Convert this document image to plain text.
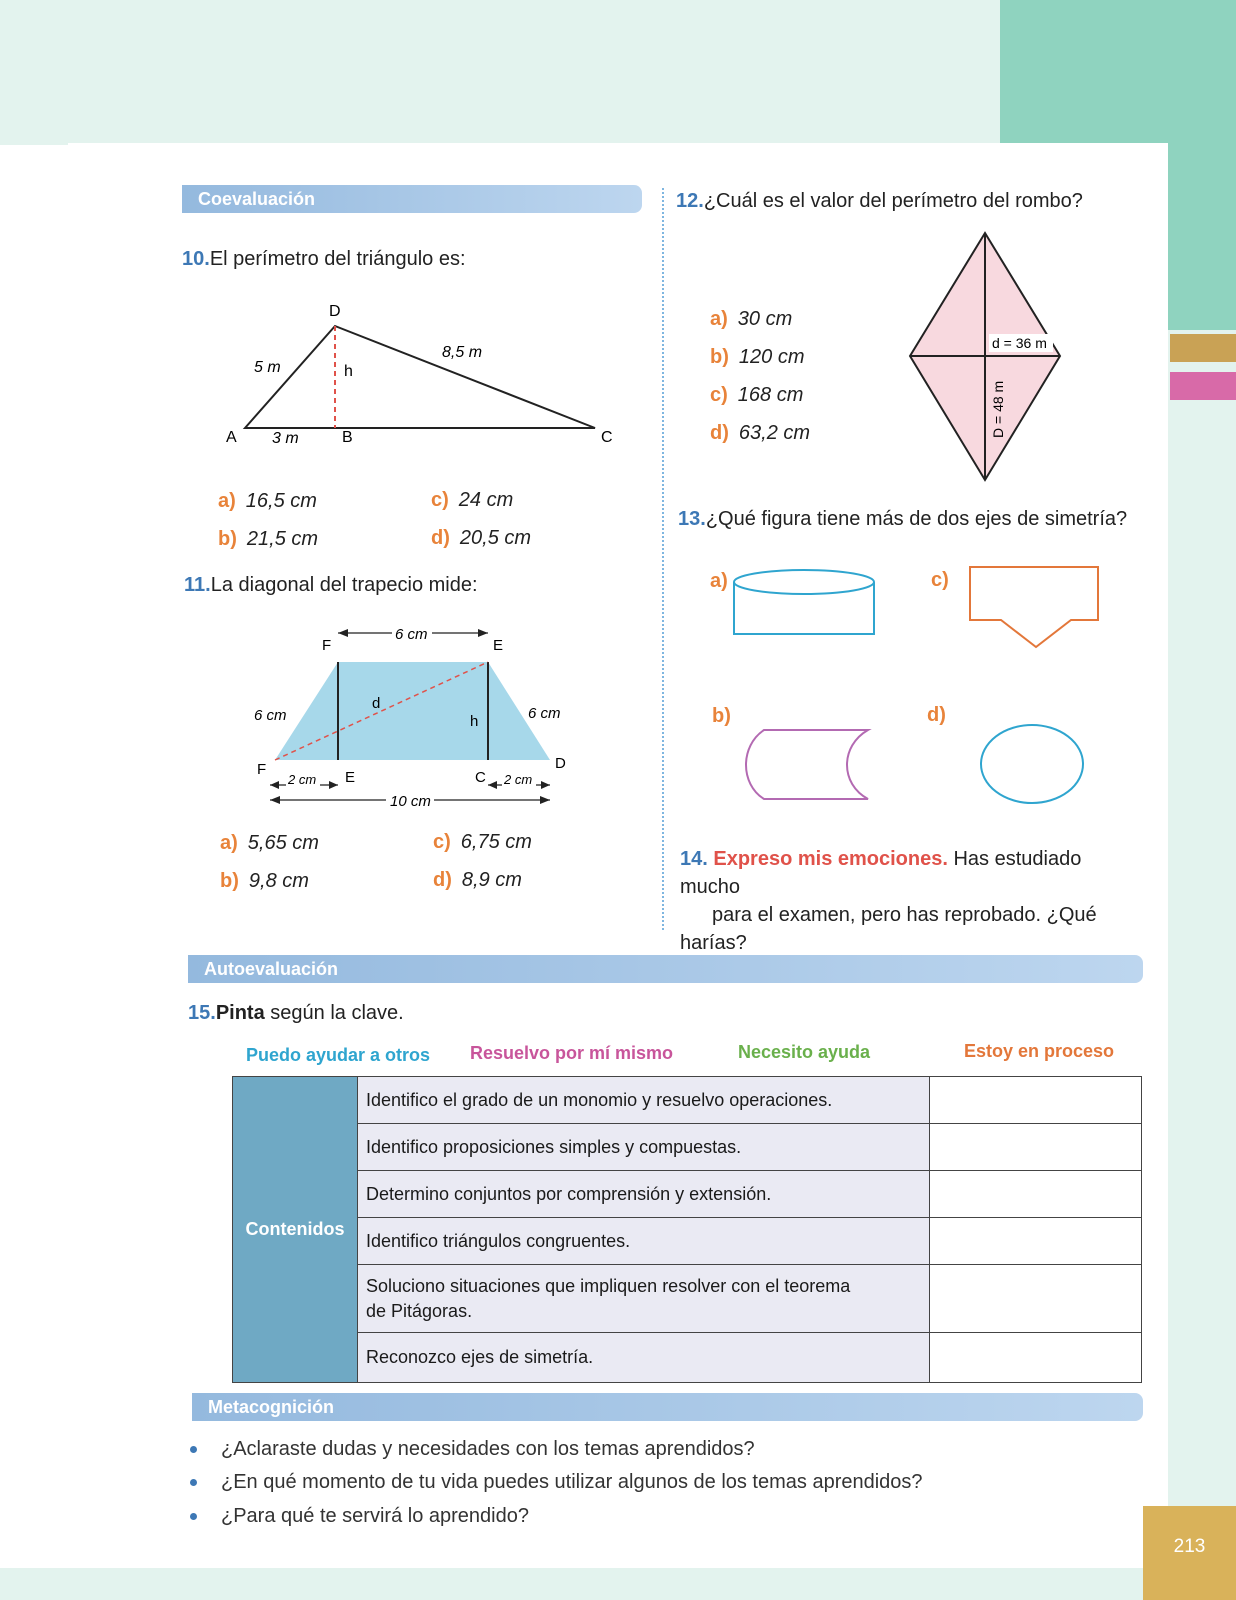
213
Coevaluación
10.El perímetro del triángulo es:
D
A	B	C
5 m
8,5 m
h
3 m
a) 16,5 cm
b) 21,5 cm
c) 24 cm
d) 20,5 cm
11.La diagonal del trapecio mide:
6 cm
F	E
6 cm	6 cm
d
h
F	E	C
D
2 cm	2 cm
10 cm
a) 5,65 cm
b) 9,8 cm
c) 6,75 cm
d) 8,9 cm
12.¿Cuál es el valor del perímetro del rombo?
a) 30 cm
b) 120 cm
c) 168 cm
d) 63,2 cm
d = 36 m
D = 48 m
13.¿Qué figura tiene más de dos ejes de simetría?
a)	c)
b)	d)
14. Expreso mis emociones. Has estudiado mucho
para el examen, pero has reprobado. ¿Qué harías?

Autoevaluación
15.Pinta según la clave.
Puedo ayudar a otros Resuelvo por mí mismo	Necesito ayuda	Estoy en proceso
Contenidos	Identifico el grado de un monomio y resuelvo operaciones.	
	Identifico proposiciones simples y compuestas.	
	Determino conjuntos por comprensión y extensión.	
	Identifico triángulos congruentes.	

	Soluciono situaciones que impliquen resolver con el teorema de Pitágoras.	

	Reconozco ejes de simetría.	
Metacognición
¿Aclaraste dudas y necesidades con los temas aprendidos?
¿En qué momento de tu vida puedes utilizar algunos de los temas aprendidos?
¿Para qué te servirá lo aprendido?
